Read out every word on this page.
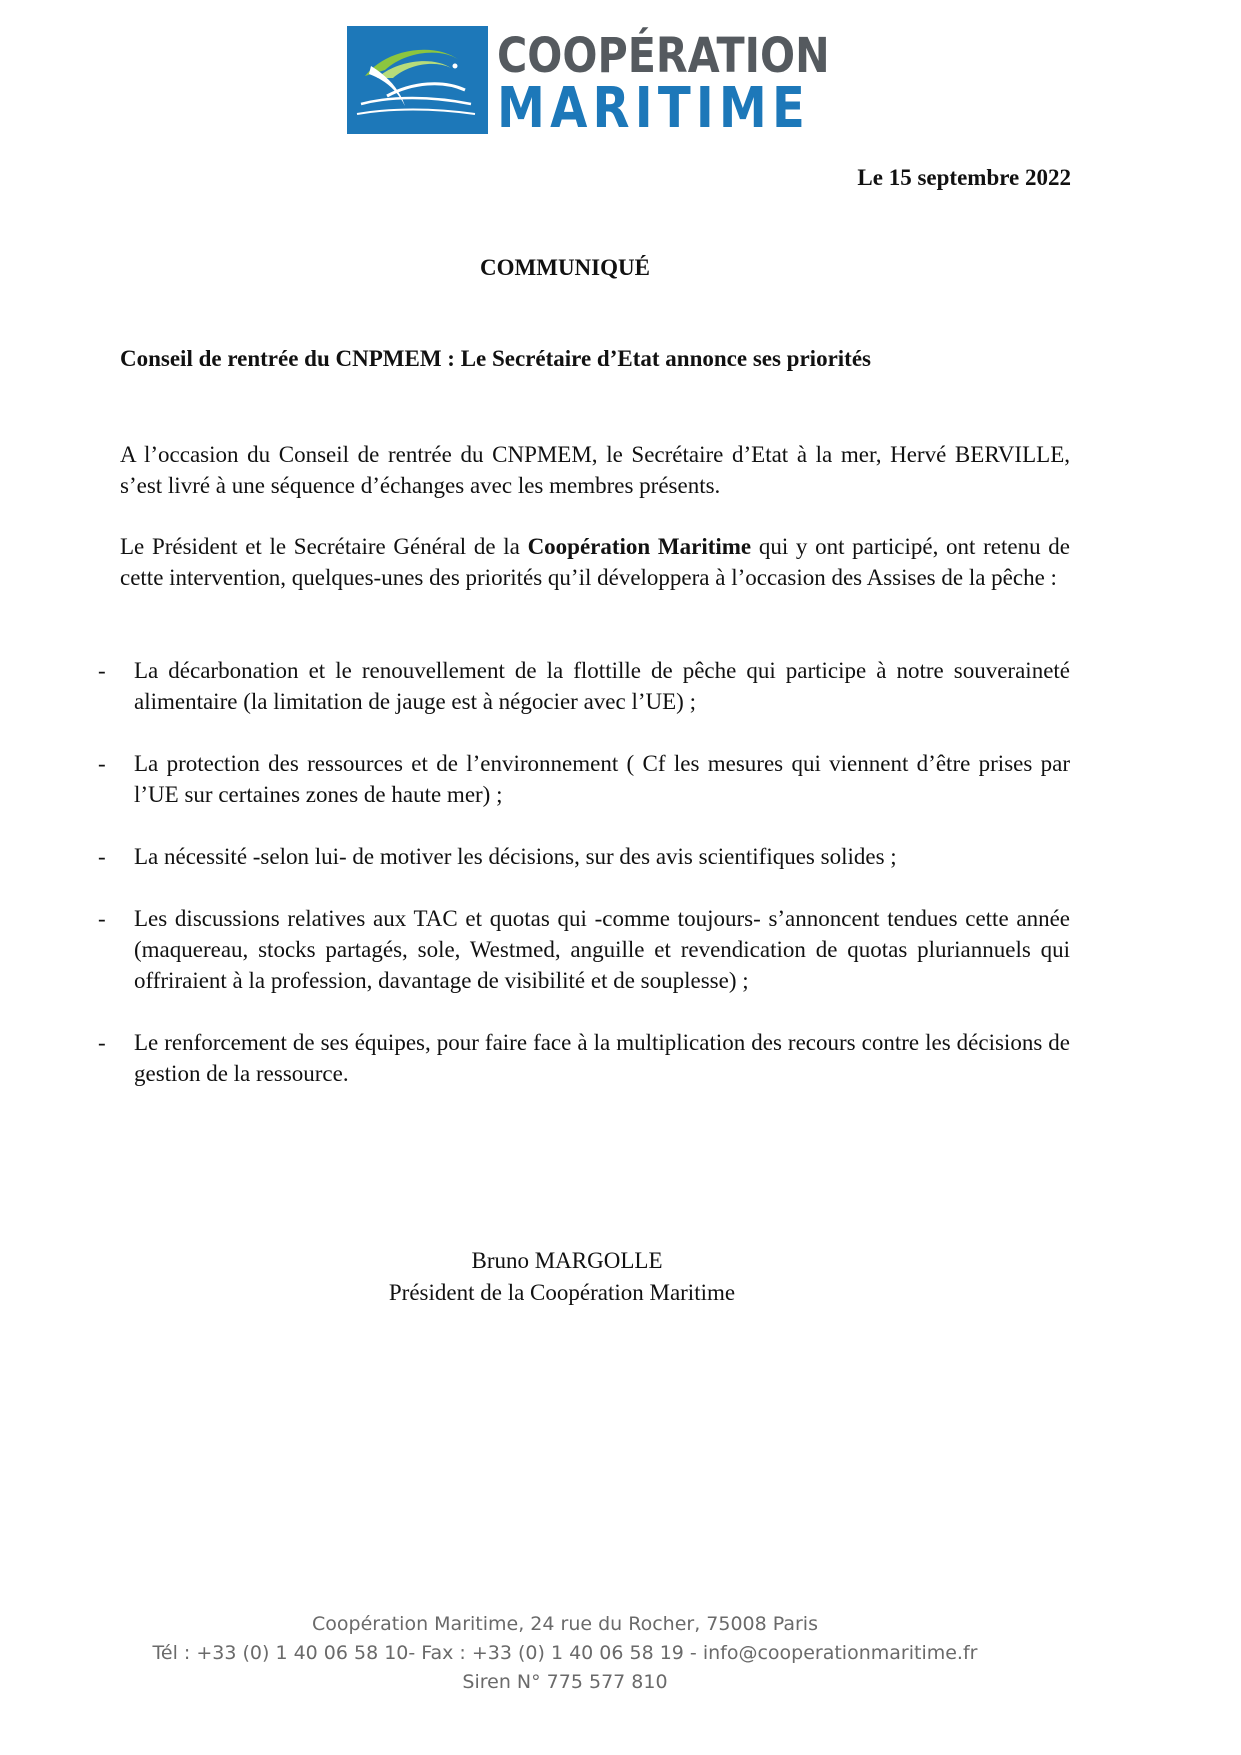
COOPÉRATION
MARITIME
Le 15 septembre 2022
COMMUNIQUÉ
Conseil de rentrée du CNPMEM : Le Secrétaire d’Etat annonce ses priorités

A l’occasion du Conseil de rentrée du CNPMEM, le Secrétaire d’Etat à la mer, Hervé BERVILLE, s’est livré à une séquence d’échanges avec les membres présents.

Le Président et le Secrétaire Général de la Coopération Maritime qui y ont participé, ont retenu de cette intervention, quelques-unes des priorités qu’il développera à l’occasion des Assises de la pêche :

- La décarbonation et le renouvellement de la flottille de pêche qui participe à notre souveraineté alimentaire (la limitation de jauge est à négocier avec l’UE) ;
- La protection des ressources et de l’environnement ( Cf les mesures qui viennent d’être prises par l’UE sur certaines zones de haute mer) ;
- La nécessité -selon lui- de motiver les décisions, sur des avis scientifiques solides ;
- Les discussions relatives aux TAC et quotas qui -comme toujours- s’annoncent tendues cette année (maquereau, stocks partagés, sole, Westmed, anguille et revendication de quotas pluriannuels qui offriraient à la profession, davantage de visibilité et de souplesse) ;
- Le renforcement de ses équipes, pour faire face à la multiplication des recours contre les décisions de gestion de la ressource.
Bruno MARGOLLE
Président de la Coopération Maritime
Coopération Maritime, 24 rue du Rocher, 75008 Paris
Tél : +33 (0) 1 40 06 58 10- Fax : +33 (0) 1 40 06 58 19 - info@cooperationmaritime.fr
Siren N° 775 577 810
